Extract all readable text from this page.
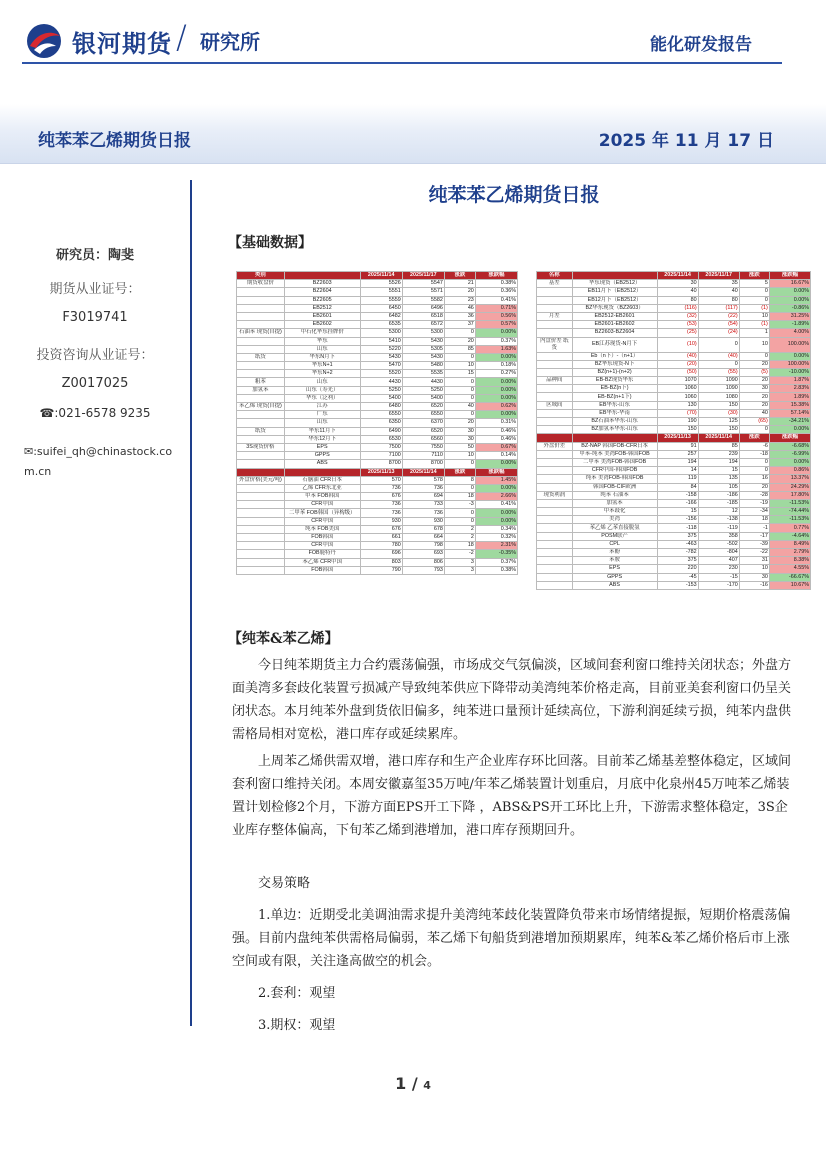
银河期货 / 研究所	能化研发报告
纯苯苯乙烯期货日报	2025 年 11 月 17 日
研究员：陶斐
期货从业证号：
F3019741
投资咨询从业证号：
Z0017025
☎:021-6578 9235
✉:suifei_qh@chinastock.com.cn
纯苯苯乙烯期货日报
【基础数据】
类别		2025/11/14	2025/11/17	涨跌	涨跌幅
期货收盘价	BZ2603	5526	5547	21	0.38%
	BZ2604	5551	5571	20	0.36%
	BZ2605	5559	5582	23	0.41%
	EB2512	6450	6496	46	0.71%
	EB2601	6482	6518	36	0.56%
	EB2602	6535	6572	37	0.57%
石油苯 现货(自提)	中石化华东挂牌价	5300	5300	0	0.00%
	华东	5410	5430	20	0.37%
	山东	5220	5305	85	1.63%
纸货	华东N月下	5430	5430	0	0.00%
	华东N+1	5470	5480	10	0.18%
	华东N+2	5520	5535	15	0.27%
粗苯	山东	4430	4430	0	0.00%
加氢苯	山东（寿光）	5250	5250	0	0.00%
	华东（泛利）	5400	5400	0	0.00%
苯乙烯 现货(自提)	江苏	6480	6520	40	0.62%
	广东	6550	6550	0	0.00%
	山东	6350	6370	20	0.31%
纸货	华东11月下	6490	6520	30	0.46%
	华东12月下	6530	6560	30	0.46%
3S现货价格	EPS	7500	7550	50	0.67%
	GPPS	7100	7110	10	0.14%
	ABS	8700	8700	0	0.00%
		2025/11/13	2025/11/14	涨跌	涨跌幅
外盘价格(美元/吨)	石脑油 CFR日本	570	578	8	1.45%
	乙烯 CFR东北亚	736	736	0	0.00%
	甲苯 FOB韩国	676	694	18	2.66%
	CFR中国	736	733	-3	0.41%
	二甲苯 FOB韩国（异构级）	736	736	0	0.00%
	CFR中国	930	930	0	0.00%
	纯苯 FOB美国	676	678	2	0.34%
	FOB韩国	661	664	2	0.32%
	CFR中国	780	798	18	2.31%
	FOB鹿特丹	696	693	-2	-0.35%
	苯乙烯 CFR中国	803	806	3	0.37%
	FOB韩国	790	793	3	0.38%
名称		2025/11/14	2025/11/17	涨跌	涨跌幅
基差	华东现货（EB2512）	30	35	5	16.67%
	EB11月下（EB2512）	40	40	0	0.00%
	EB12月下（EB2512）	80	80	0	0.00%
	BZ华东现货（BZ2603）	(116)	(117)	(1)	-0.86%
月差	EB2512-EB2601	(32)	(22)	10	31.25%
	EB2601-EB2602	(53)	(54)	(1)	-1.89%
	BZ2603-BZ2604	(25)	(24)	1	4.00%
内盘价差 纸货	EB江苏现货-N月下	(10)	0	10	100.00%
	Eb（n下）-（n+1）	(40)	(40)	0	0.00%
	BZ华东现货-N下	(20)	0	20	100.00%
	BZ(n+1)-(n+2)	(50)	(55)	(5)	-10.00%
品种间	EB-BZ现货华东	1070	1090	20	1.87%
	EB-BZ(n下)	1060	1090	30	2.83%
	EB-BZ(n+1下)	1060	1080	20	1.89%
区域间	EB华东-山东	130	150	20	15.38%
	EB华东-华南	(70)	(30)	40	57.14%
	BZ石油苯华东-山东	190	125	(65)	-34.21%
	BZ加氢苯华东-山东	150	150	0	0.00%
		2025/11/13	2025/11/14	涨跌	涨跌幅
外盘价差	BZ-NAP 韩国FOB-CFR日本	91	85	-6	-6.68%
	甲苯-纯苯 美湾FOB-韩国FOB	257	239	-18	-6.99%
	二甲苯 美湾FOB-韩国FOB	194	194	0	0.00%
	CFR中国-韩国FOB	14	15	0	0.86%
	纯苯 美湾FOB-韩国FOB	119	135	16	13.37%
	韩国FOB-CIF欧洲	84	105	20	24.29%
现货利润	纯苯 石油苯	-158	-186	-28	17.80%
	加氢苯	-166	-185	-19	-11.53%
	甲苯歧化	15	12	-34	-74.44%
	美湾	-156	-138	18	-11.53%
	苯乙烯 乙苯直接脱氢	-118	-119	-1	0.77%
	POSM联产	375	358	-17	-4.64%
	CPL	-463	-502	-39	8.49%
	苯酚	-782	-804	-22	2.79%
	苯胺	375	407	31	8.38%
	EPS	220	230	10	4.55%
	GPPS	-45	-15	30	-66.67%
	ABS	-153	-170	-16	10.67%
【纯苯&苯乙烯】
今日纯苯期货主力合约震荡偏强，市场成交气氛偏淡，区域间套利窗口维持关闭状态；外盘方面美湾多套歧化装置亏损减产导致纯苯供应下降带动美湾纯苯价格走高，目前亚美套利窗口仍呈关闭状态。本月纯苯外盘到货依旧偏多，纯苯进口量预计延续高位，下游利润延续亏损，纯苯内盘供需格局相对宽松，港口库存或延续累库。
上周苯乙烯供需双增，港口库存和生产企业库存环比回落。目前苯乙烯基差整体稳定，区域间套利窗口维持关闭。本周安徽嘉玺35万吨/年苯乙烯装置计划重启，月底中化泉州45万吨苯乙烯装置计划检修2个月，下游方面EPS开工下降 ，ABS&PS开工环比上升，下游需求整体稳定，3S企业库存整体偏高，下旬苯乙烯到港增加，港口库存预期回升。
交易策略
1.单边：近期受北美调油需求提升美湾纯苯歧化装置降负带来市场情绪提振，短期价格震荡偏强。目前内盘纯苯供需格局偏弱，苯乙烯下旬船货到港增加预期累库，纯苯&苯乙烯价格后市上涨空间或有限，关注逢高做空的机会。
2.套利：观望
3.期权：观望
1 / 4
